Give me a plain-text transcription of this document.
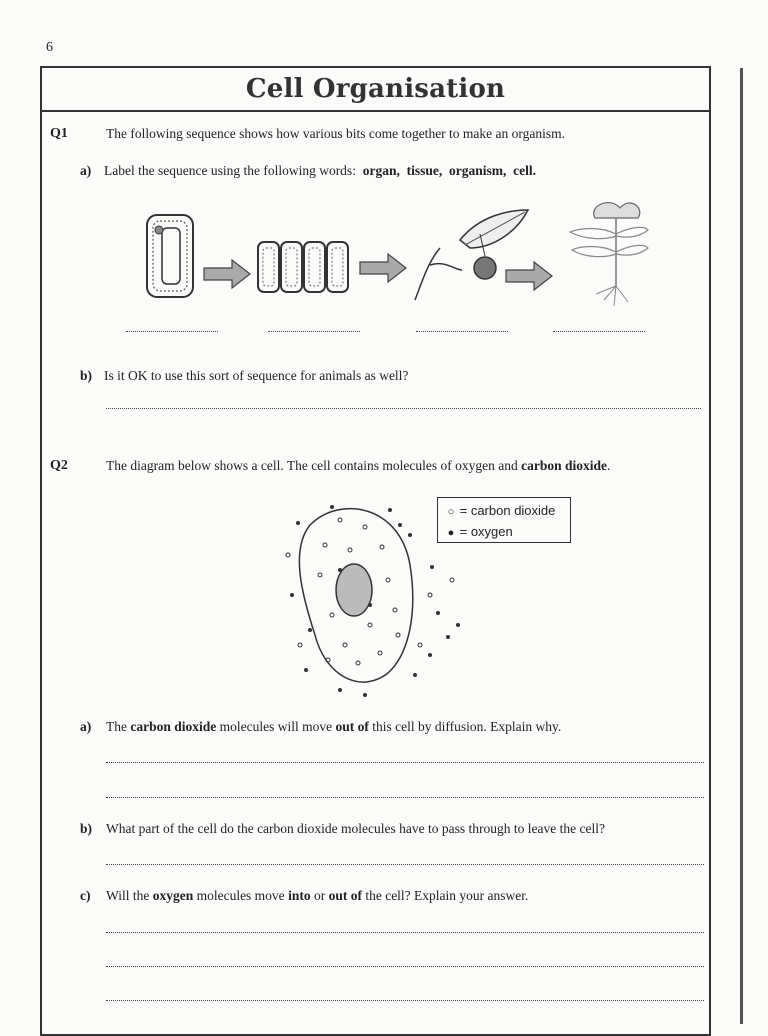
6
Cell Organisation
Q1	The following sequence shows how various bits come together to make an organism.
a) Label the sequence using the following words: organ, tissue, organism, cell.
b) Is it OK to use this sort of sequence for animals as well?
Q2	The diagram below shows a cell. The cell contains molecules of oxygen and carbon dioxide.
○ = carbon dioxide
● = oxygen
a) The carbon dioxide molecules will move out of this cell by diffusion. Explain why.
b) What part of the cell do the carbon dioxide molecules have to pass through to leave the cell?
c) Will the oxygen molecules move into or out of the cell? Explain your answer.
